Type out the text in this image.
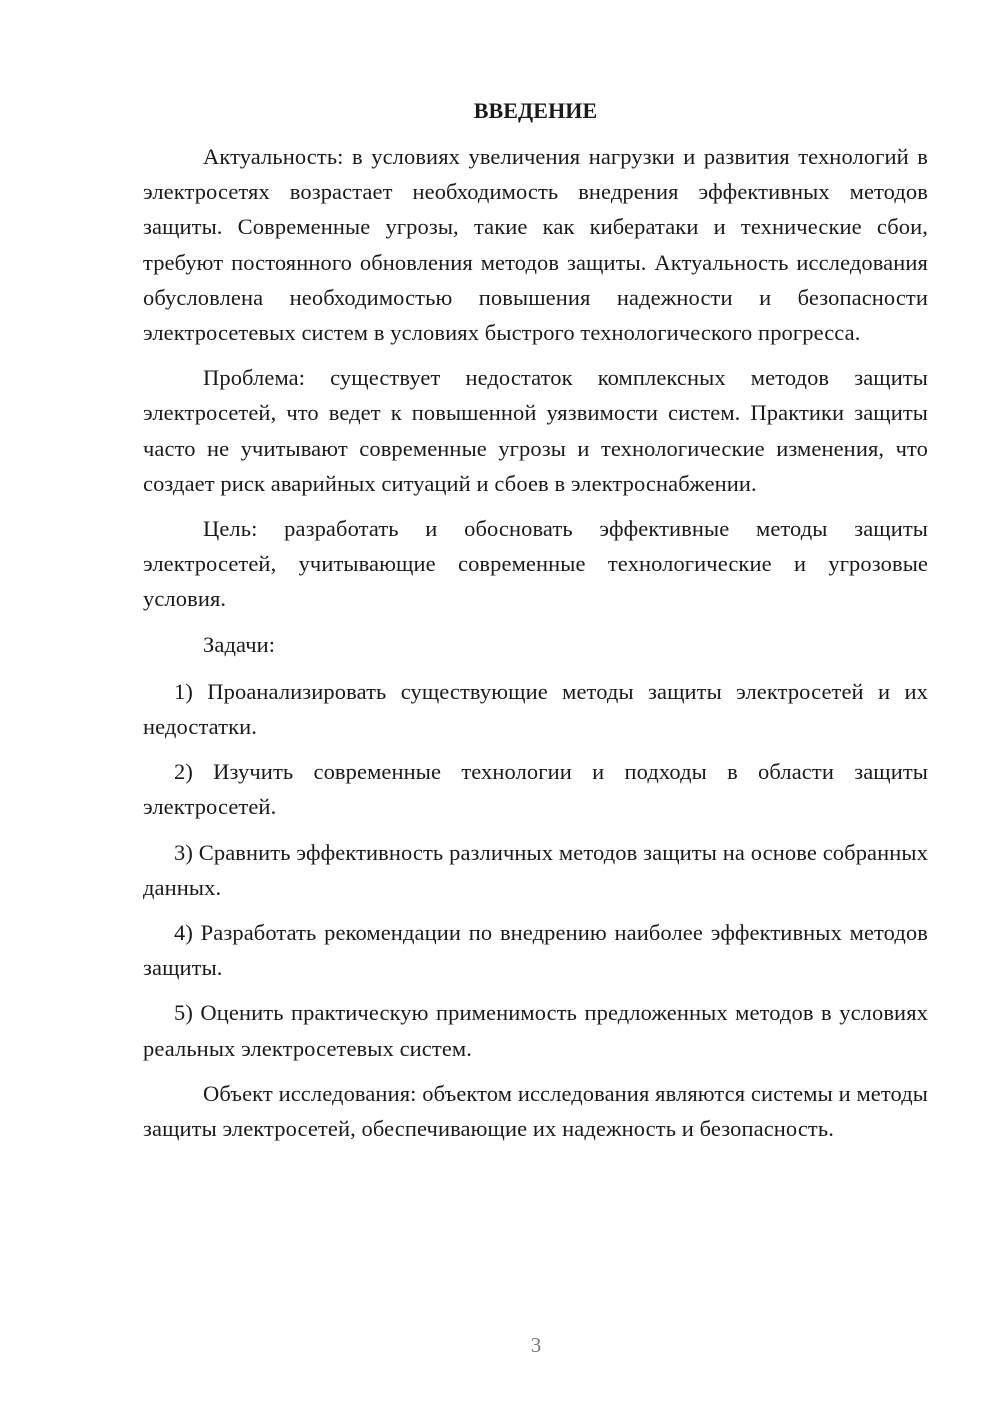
ВВЕДЕНИЕ

Актуальность: в условиях увеличения нагрузки и развития технологий в электросетях возрастает необходимость внедрения эффективных методов защиты. Современные угрозы, такие как кибератаки и технические сбои, требуют постоянного обновления методов защиты. Актуальность исследования обусловлена необходимостью повышения надежности и безопасности электросетевых систем в условиях быстрого технологического прогресса.

Проблема: существует недостаток комплексных методов защиты электросетей, что ведет к повышенной уязвимости систем. Практики защиты часто не учитывают современные угрозы и технологические изменения, что создает риск аварийных ситуаций и сбоев в электроснабжении.

Цель: разработать и обосновать эффективные методы защиты электросетей, учитывающие современные технологические и угрозовые условия.

Задачи:

1) Проанализировать существующие методы защиты электросетей и их недостатки.

2) Изучить современные технологии и подходы в области защиты электросетей.

3) Сравнить эффективность различных методов защиты на основе собранных данных.

4) Разработать рекомендации по внедрению наиболее эффективных методов защиты.

5) Оценить практическую применимость предложенных методов в условиях реальных электросетевых систем.

Объект исследования: объектом исследования являются системы и методы защиты электросетей, обеспечивающие их надежность и безопасность.

3
